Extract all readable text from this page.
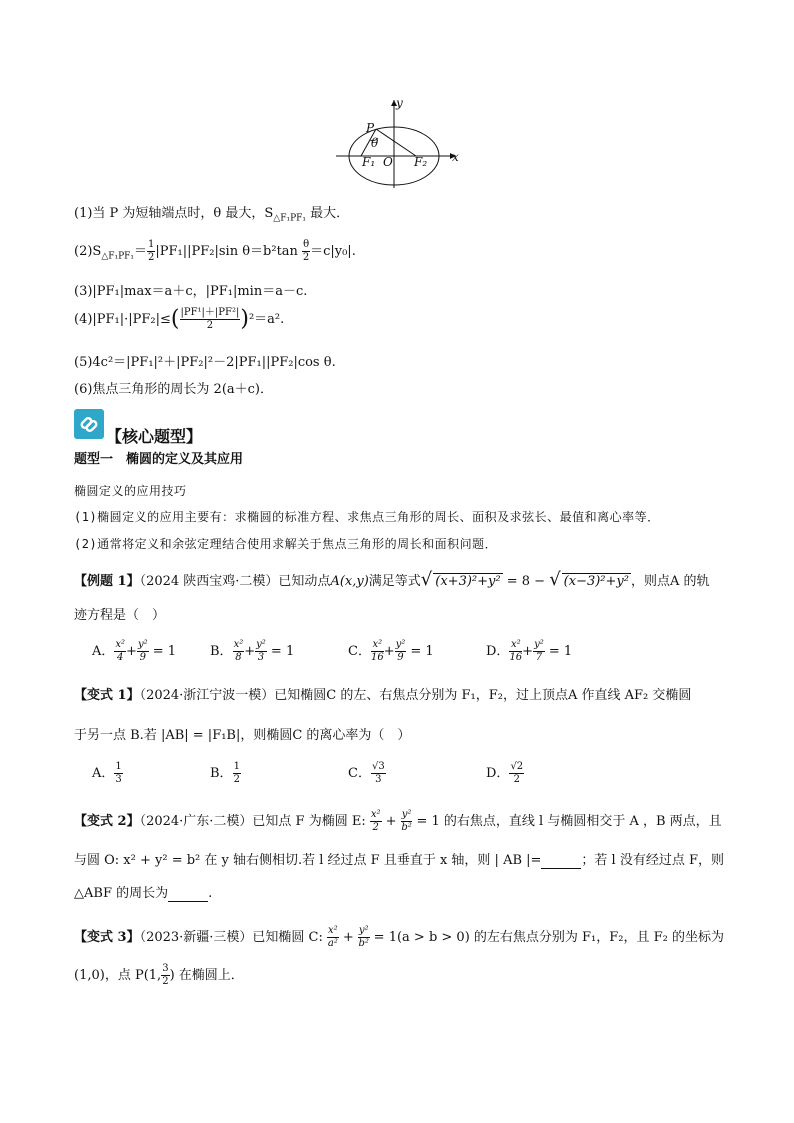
y
x
P
θ
F₁ O F₂
(1)当 P 为短轴端点时，θ 最大，$S_{\triangle F_1PF_1}$ 最大．
$(2)S_{\triangle F_1PF_1}= \frac{1}{2} |PF_1||PF_2|\sin$ $\theta=b^2\tan \frac{\theta}{2} =c|y_0|$.
(3)|PF₁|max＝a＋c，|PF₁|min＝a－c.
$(4)|PF_1|\cdot|PF_2|\le( \frac{\text{|PF¹|＋|PF²|}}{2} )^2=a^2$.
(5)4c²＝|PF₁|²＋|PF₂|²－2|PF₁||PF₂|cos θ.
(6)焦点三角形的周长为 2(a＋c)．
【核心题型】
题型一　椭圆的定义及其应用
椭圆定义的应用技巧
(1)椭圆定义的应用主要有：求椭圆的标准方程、求焦点三角形的周长、面积及求弦长、最值和离心率等．
(2)通常将定义和余弦定理结合使用求解关于焦点三角形的周长和面积问题．
【例题 1】（2024 陕西宝鸡·二模）已知动点A(x,y)满足等式√ (x+3)²+y² = 8 − √ (x−3)²+y² ，则点A 的轨
迹方程是（　）
A． $\frac{\text{x²}}{4} + \frac{\text{y²}}{9} = 1$	B． $\frac{\text{x²}}{8} + \frac{\text{y²}}{3} = 1$	C． $\frac{\text{x²}}{16} + \frac{\text{y²}}{9} = 1$	D． $\frac{\text{x²}}{16} + \frac{\text{y²}}{7} = 1$
【变式 1】（2024·浙江宁波一模）已知椭圆C 的左、右焦点分别为 F₁，F₂，过上顶点A 作直线 AF₂ 交椭圆
于另一点 B.若 |AB| = |F₁B|，则椭圆C 的离心率为（　）
A． $\frac{1}{3}$	B． $\frac{1}{2}$	C． $\frac{√3}{3}$	D． $\frac{√2}{2}$
【变式 2】（2024·广东·二模）已知点 F 为椭圆 E: $\frac{\text{x²}}{2} + \frac{\text{y²}}{\text{b²}} = 1$ 的右焦点，直线 l 与椭圆相交于 A ，B 两点，且
与圆 O: x² + y² = b² 在 y 轴右侧相切.若 l 经过点 F 且垂直于 x 轴，则 | AB |=	；若 l 没有经过点 F，则
△ABF 的周长为	.
【变式 3】（2023·新疆·三模）已知椭圆 C: $\frac{\text{x²}}{\text{a²}} + \frac{\text{y²}}{\text{b²}} = 1(a > b > 0)$ 的左右焦点分别为 F₁，F₂，且 F₂ 的坐标为
(1,0)，点 P(1, $\frac{3}{2}$ ) 在椭圆上．
